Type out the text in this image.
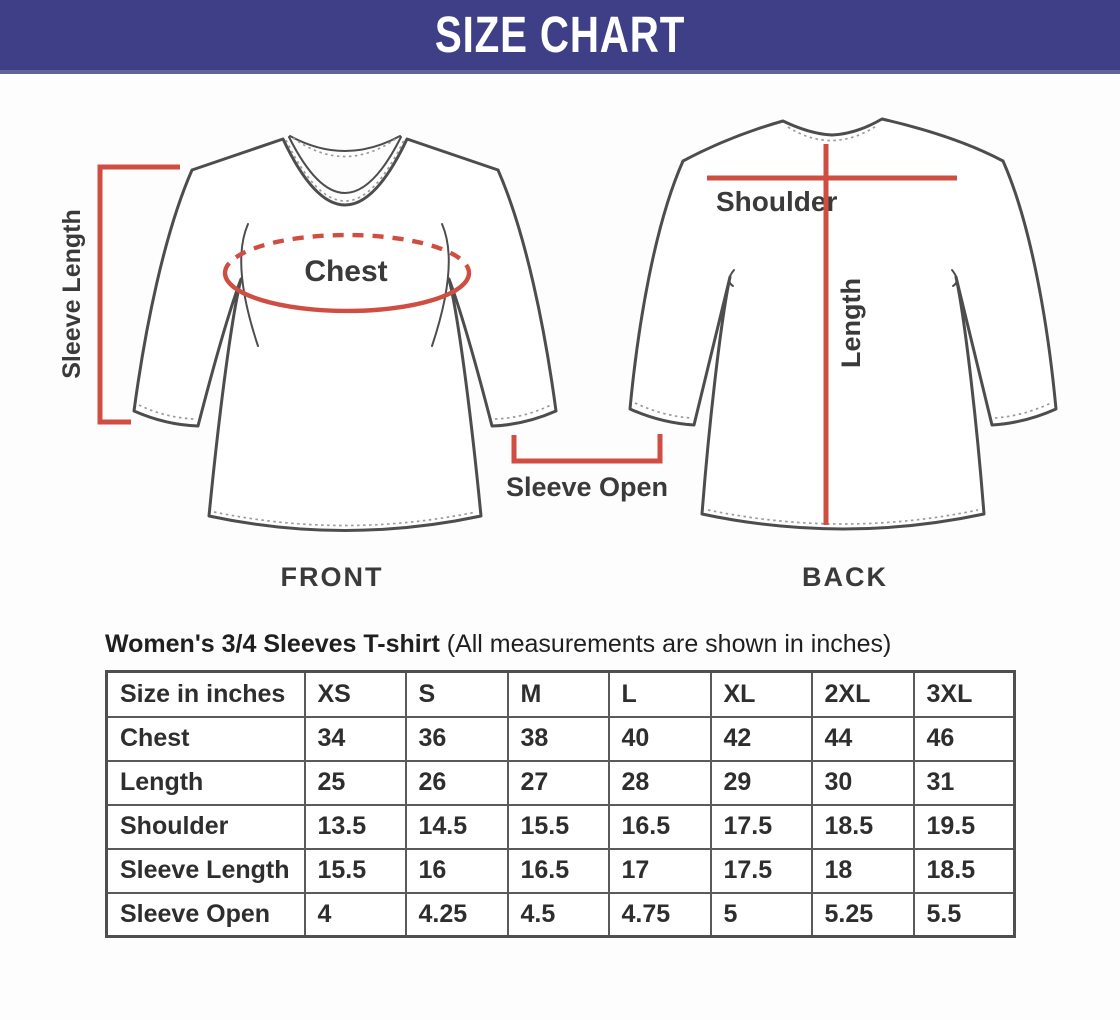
SIZE CHART
Sleeve Length	Chest
Sleeve Open
FRONT
Shoulder
Length
BACK

Women's 3/4 Sleeves T-shirt (All measurements are shown in inches)

Size in inches	XS	S	M	L	XL	2XL	3XL
Chest	34	36	38	40	42	44	46
Length	25	26	27	28	29	30	31
Shoulder	13.5	14.5	15.5	16.5	17.5	18.5	19.5
Sleeve Length	15.5	16	16.5	17	17.5	18	18.5
Sleeve Open	4	4.25	4.5	4.75	5	5.25	5.5
